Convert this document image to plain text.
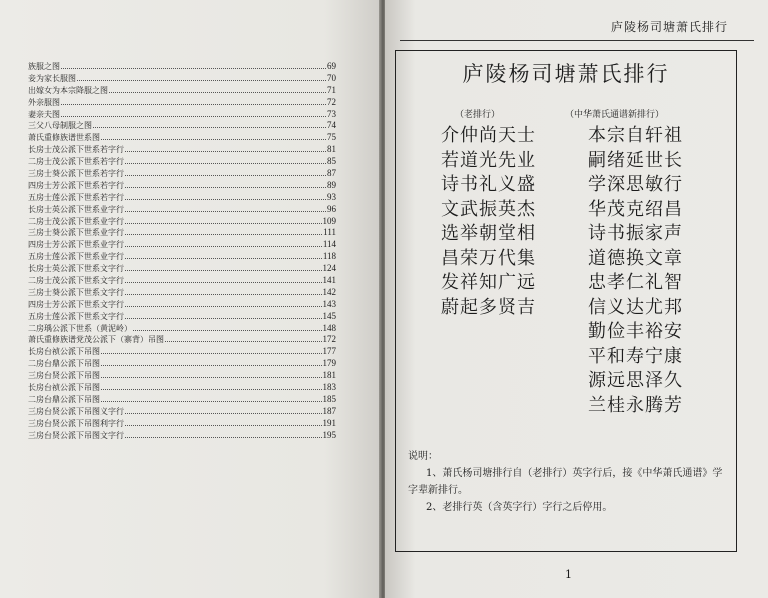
族服之图	69
妾为家长服图	70
出嫁女为本宗降服之图	71
外亲服图	72
妻亲夫图	73
三父八母制服之图	74
萧氏重修族谱世系图	75
长房士茂公派下世系若字行	81
二房士茂公派下世系若字行	85
三房士葵公派下世系若字行	87
四房士芳公派下世系若字行	89
五房士莲公派下世系若字行	93
长房士英公派下世系业字行	96
二房士茂公派下世系业字行	109
三房士葵公派下世系业字行	111
四房士芳公派下世系业字行	114
五房士莲公派下世系业字行	118
长房士英公派下世系文字行	124
二房士茂公派下世系文字行	141
三房士葵公派下世系文字行	142
四房士芳公派下世系文字行	143
五房士莲公派下世系文字行	145
二房瑀公派下世系（黄泥岭）	148
萧氏重修族谱党茂公派下（寨背）吊图	172
长房台祯公派下吊图	177
二房台鼎公派下吊图	179
三房台贤公派下吊图	181
长房台祯公派下吊图	183
二房台鼎公派下吊图	185
三房台贤公派下吊图义字行	187
三房台贤公派下吊图利字行	191
三房台贤公派下吊图文字行	195
庐陵杨司塘萧氏排行
庐陵杨司塘萧氏排行
（老排行）	（中华萧氏通谱新排行）
介仲尚天士
若道光先业
诗书礼义盛
文武振英杰
选举朝堂相
昌荣万代集
发祥知广远
蔚起多贤吉
本宗自轩祖
嗣绪延世长
学深思敏行
华茂克绍昌
诗书振家声
道德换文章
忠孝仁礼智
信义达尤邦
勤俭丰裕安
平和寿宁康
源远思泽久
兰桂永腾芳
说明：
1、萧氏杨司塘排行自（老排行）英字行后，接《中华萧氏通谱》学字辈新排行。
2、老排行英（含英字行）字行之后停用。
1
